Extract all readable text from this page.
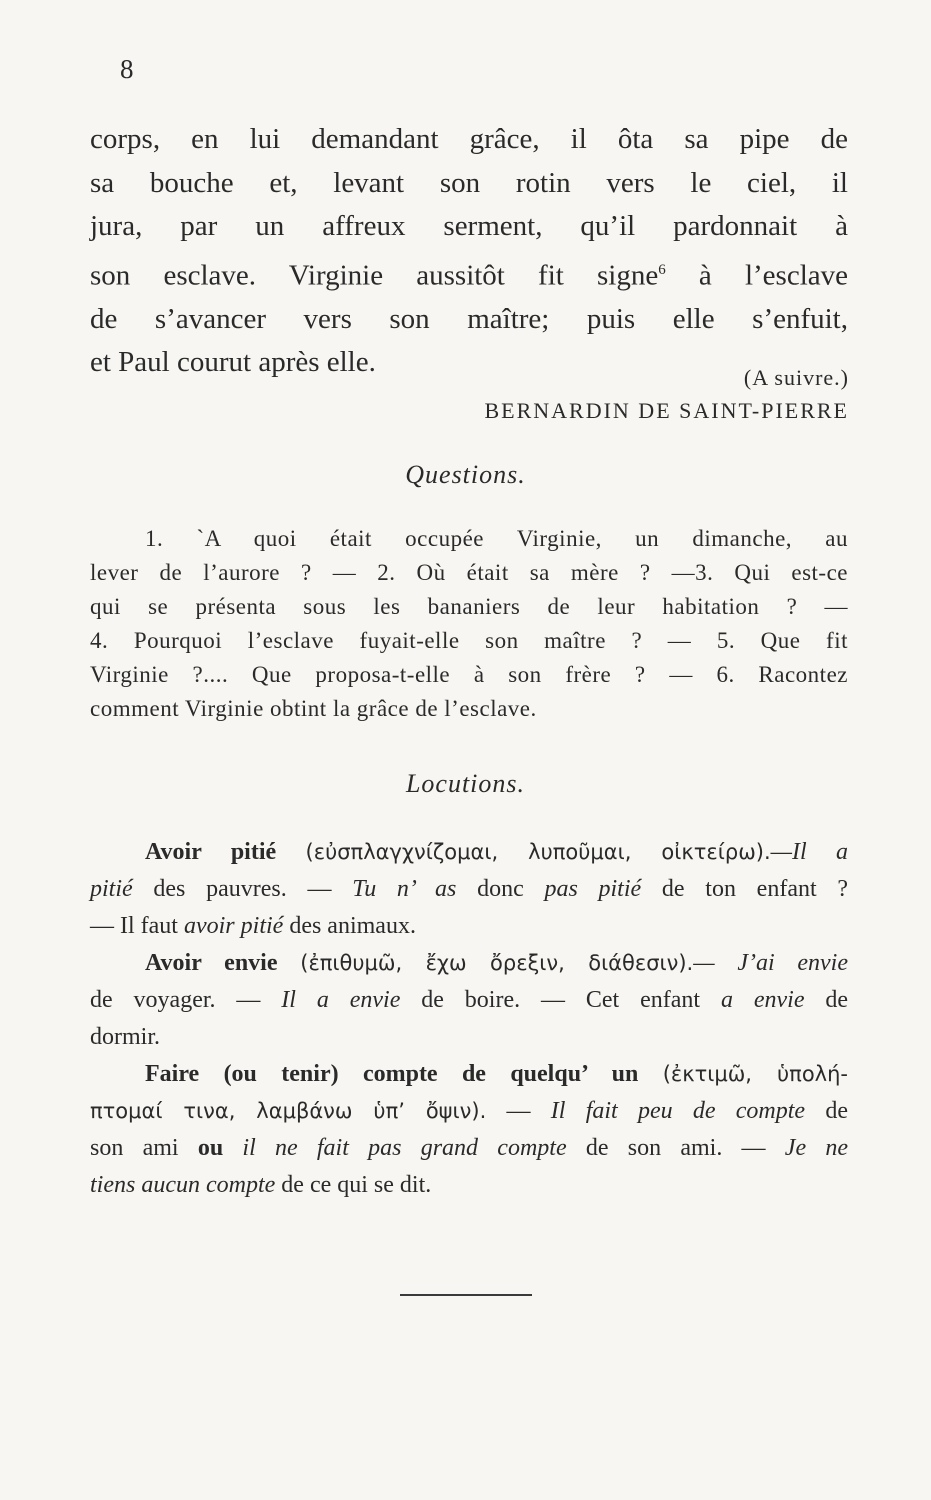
8
corps, en lui demandant grâce, il ôta sa pipe de
sa bouche et, levant son rotin vers le ciel, il
jura, par un affreux serment, qu’il pardonnait à
son esclave. Virginie aussitôt fit signe$^6$ à l’esclave
de s’avancer vers son maître; puis elle s’enfuit,
et Paul courut après elle.	(A suivre.)
BERNARDIN DE SAINT-PIERRE
Questions.
1. `A quoi était occupée Virginie, un dimanche, au
lever de l’aurore ? — 2. Où était sa mère ? —3. Qui est-ce
qui se présenta sous les bananiers de leur habitation ? —
4. Pourquoi l’esclave fuyait-elle son maître ? — 5. Que fit
Virginie ?.... Que proposa-t-elle à son frère ? — 6. Racontez
comment Virginie obtint la grâce de l’esclave.
Locutions.
Avoir pitié (εὐσπλαγχνίζομαι, λυποῦμαι, οἰκτείρω).—Il a
pitié des pauvres. — Tu n’ as donc pas pitié de ton enfant ?
— Il faut avoir pitié des animaux.
Avoir envie (ἐπιθυμῶ, ἔχω ὄρεξιν, διάθεσιν).— J’ai envie
de voyager. — Il a envie de boire. — Cet enfant a envie de
dormir.
Faire (ou tenir) compte de quelqu’ un (ἐκτιμῶ, ὑπολή-
πτομαί τινα, λαμβάνω ὑπ’ ὄψιν). — Il fait peu de compte de
son ami ou il ne fait pas grand compte de son ami. — Je ne
tiens aucun compte de ce qui se dit.
